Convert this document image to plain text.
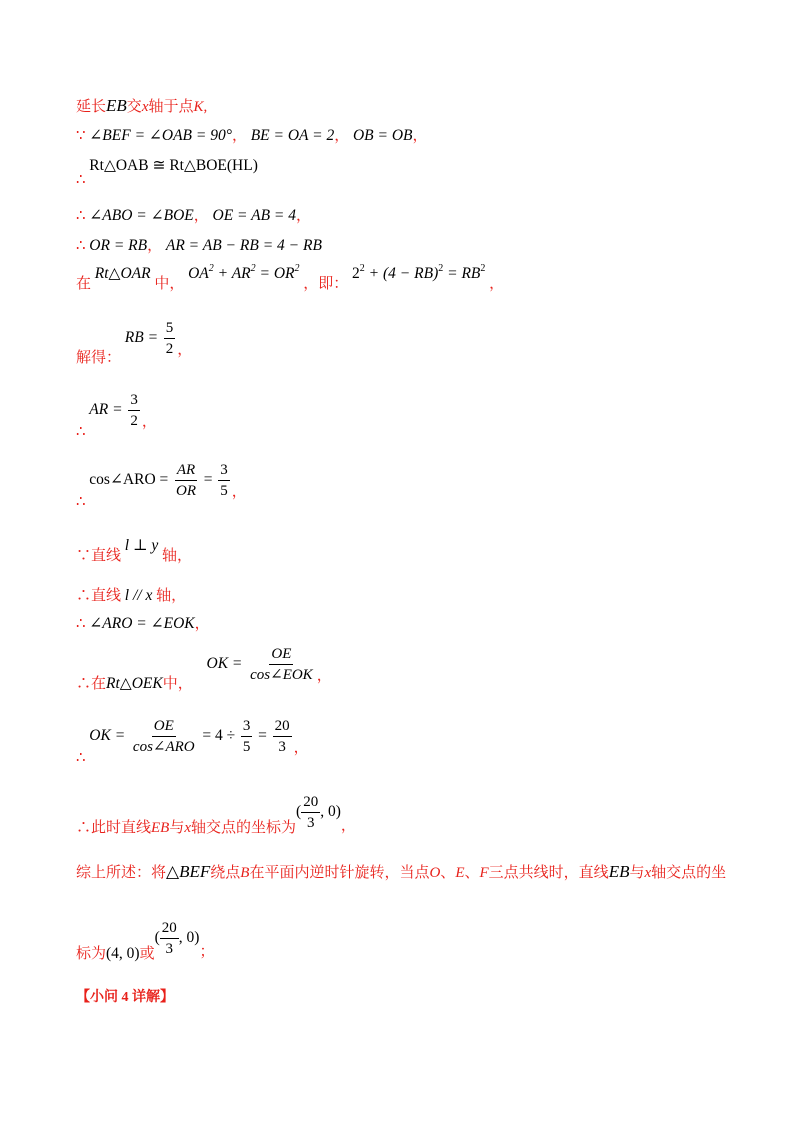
延长EB交x轴于点K,
∵ ∠BEF = ∠OAB = 90°， BE = OA = 2， OB = OB，
∴ Rt△OAB ≅ Rt△BOE(HL)
∴ ∠ABO = ∠BOE， OE = AB = 4，
∴ OR = RB， AR = AB − RB = 4 − RB
在 Rt△OAR 中， $OA^2 + AR^2 = OR^2$ ，即： $2^2 + (4 - RB)^2 = RB^2$ ，
解得： RB = $\frac{5}{2}$ ，
∴ AR = $\frac{3}{2}$ ，
∴ cos∠ARO = $\frac{AR}{OR} = \frac{3}{5}$ ，
∵直线 l ⊥ y 轴，
∴直线 l // x 轴，
∴ ∠ARO = ∠EOK，
∴在Rt△OEK中， OK = $\frac{OE}{\text{cos∠EOK}}$ ，
∴ OK = $\frac{OE}{\text{cos∠ARO}} = 4 \div \frac{3}{5} = \frac{20}{3}$ ，
∴此时直线EB与x轴交点的坐标为( $\frac{20}{3}$ , 0)，
综上所述：将△BEF绕点B在平面内逆时针旋转，当点O、E、F三点共线时，直线EB与x轴交点的坐
标为(4, 0)或( $\frac{20}{3}$ , 0)；
【小问 4 详解】
